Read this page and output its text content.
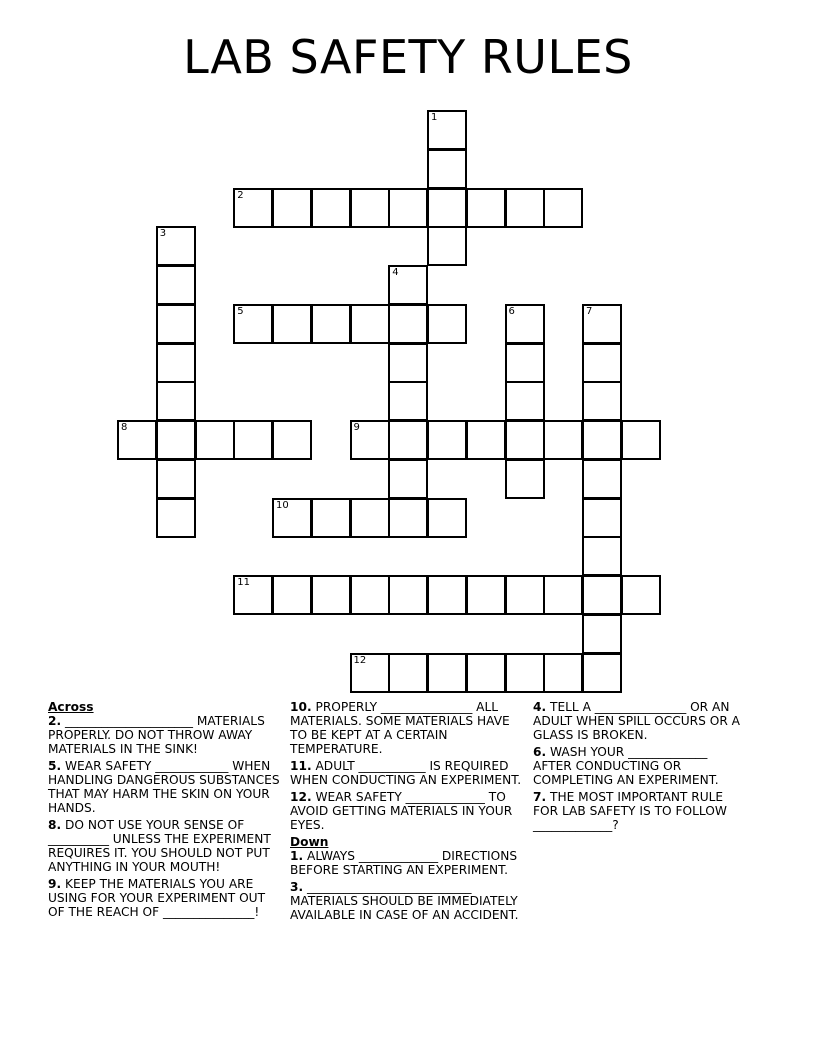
LAB SAFETY RULES
1
2
3
4
5	6	7
8	9
10
11
12
Across

2. _____________________ MATERIALS PROPERLY. DO NOT THROW AWAY MATERIALS IN THE SINK!

5. WEAR SAFETY ____________ WHEN HANDLING DANGEROUS SUBSTANCES THAT MAY HARM THE SKIN ON YOUR HANDS.

8. DO NOT USE YOUR SENSE OF __________ UNLESS THE EXPERIMENT REQUIRES IT. YOU SHOULD NOT PUT ANYTHING IN YOUR MOUTH!

9. KEEP THE MATERIALS YOU ARE USING FOR YOUR EXPERIMENT OUT OF THE REACH OF _______________!

10. PROPERLY _______________ ALL MATERIALS. SOME MATERIALS HAVE TO BE KEPT AT A CERTAIN TEMPERATURE.

11. ADULT ___________ IS REQUIRED WHEN CONDUCTING AN EXPERIMENT.

12. WEAR SAFETY _____________ TO AVOID GETTING MATERIALS IN YOUR EYES.

Down

1. ALWAYS _____________ DIRECTIONS BEFORE STARTING AN EXPERIMENT.

3. ___________________________ MATERIALS SHOULD BE IMMEDIATELY AVAILABLE IN CASE OF AN ACCIDENT.

4. TELL A _______________ OR AN ADULT WHEN SPILL OCCURS OR A GLASS IS BROKEN.

6. WASH YOUR _____________ AFTER CONDUCTING OR COMPLETING AN EXPERIMENT.

7. THE MOST IMPORTANT RULE FOR LAB SAFETY IS TO FOLLOW _____________?
